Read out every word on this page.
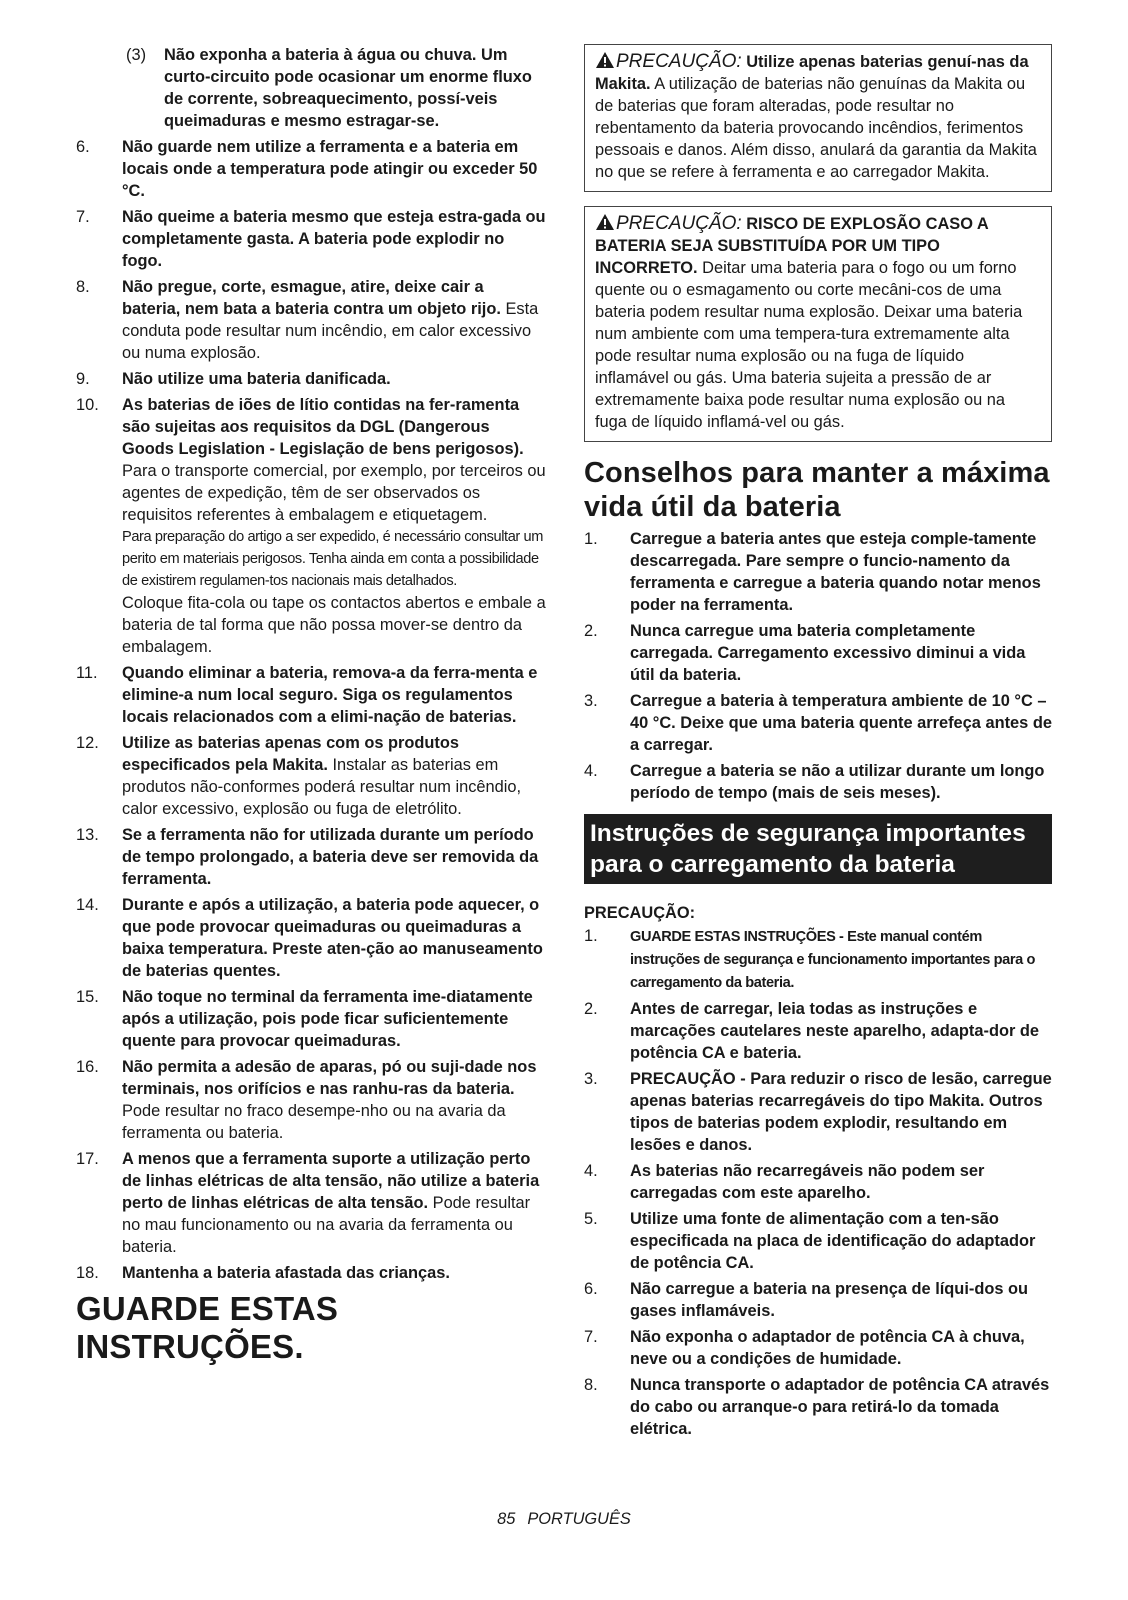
(3)	Não exponha a bateria à água ou chuva. Um curto-circuito pode ocasionar um enorme fluxo de corrente, sobreaquecimento, possí-veis queimaduras e mesmo estragar-se.
6. Não guarde nem utilize a ferramenta e a bateria em locais onde a temperatura pode atingir ou exceder 50 °C.
7. Não queime a bateria mesmo que esteja estra-gada ou completamente gasta. A bateria pode explodir no fogo.
8. Não pregue, corte, esmague, atire, deixe cair a bateria, nem bata a bateria contra um objeto rijo. Esta conduta pode resultar num incêndio, em calor excessivo ou numa explosão.
9. Não utilize uma bateria danificada.
10. As baterias de iões de lítio contidas na fer-ramenta são sujeitas aos requisitos da DGL (Dangerous Goods Legislation - Legislação de bens perigosos).
Para o transporte comercial, por exemplo, por terceiros ou agentes de expedição, têm de ser observados os requisitos referentes à embalagem e etiquetagem.
Para preparação do artigo a ser expedido, é necessário consultar um perito em materiais perigosos. Tenha ainda em conta a possibilidade de existirem regulamen-tos nacionais mais detalhados.
Coloque fita-cola ou tape os contactos abertos e embale a bateria de tal forma que não possa mover-se dentro da embalagem.
11. Quando eliminar a bateria, remova-a da ferra-menta e elimine-a num local seguro. Siga os regulamentos locais relacionados com a elimi-nação de baterias.
12. Utilize as baterias apenas com os produtos especificados pela Makita. Instalar as baterias em produtos não-conformes poderá resultar num incêndio, calor excessivo, explosão ou fuga de eletrólito.
13. Se a ferramenta não for utilizada durante um período de tempo prolongado, a bateria deve ser removida da ferramenta.
14. Durante e após a utilização, a bateria pode aquecer, o que pode provocar queimaduras ou queimaduras a baixa temperatura. Preste aten-ção ao manuseamento de baterias quentes.
15. Não toque no terminal da ferramenta ime-diatamente após a utilização, pois pode ficar suficientemente quente para provocar queimaduras.
16. Não permita a adesão de aparas, pó ou suji-dade nos terminais, nos orifícios e nas ranhu-ras da bateria. Pode resultar no fraco desempe-nho ou na avaria da ferramenta ou bateria.
17. A menos que a ferramenta suporte a utilização perto de linhas elétricas de alta tensão, não utilize a bateria perto de linhas elétricas de alta tensão. Pode resultar no mau funcionamento ou na avaria da ferramenta ou bateria.
18. Mantenha a bateria afastada das crianças.
GUARDE ESTAS INSTRUÇÕES.
PRECAUÇÃO: Utilize apenas baterias genuí-nas da Makita. A utilização de baterias não genuínas da Makita ou de baterias que foram alteradas, pode resultar no rebentamento da bateria provocando incêndios, ferimentos pessoais e danos. Além disso, anulará da garantia da Makita no que se refere à ferramenta e ao carregador Makita.
PRECAUÇÃO: RISCO DE EXPLOSÃO CASO A BATERIA SEJA SUBSTITUÍDA POR UM TIPO INCORRETO. Deitar uma bateria para o fogo ou um forno quente ou o esmagamento ou corte mecâni-cos de uma bateria podem resultar numa explosão. Deixar uma bateria num ambiente com uma tempera-tura extremamente alta pode resultar numa explosão ou na fuga de líquido inflamável ou gás. Uma bateria sujeita a pressão de ar extremamente baixa pode resultar numa explosão ou na fuga de líquido inflamá-vel ou gás.
Conselhos para manter a máxima vida útil da bateria
1. Carregue a bateria antes que esteja comple-tamente descarregada. Pare sempre o funcio-namento da ferramenta e carregue a bateria quando notar menos poder na ferramenta.
2. Nunca carregue uma bateria completamente carregada. Carregamento excessivo diminui a vida útil da bateria.
3. Carregue a bateria à temperatura ambiente de 10 °C – 40 °C. Deixe que uma bateria quente arrefeça antes de a carregar.
4. Carregue a bateria se não a utilizar durante um longo período de tempo (mais de seis meses).
Instruções de segurança importantes para o carregamento da bateria
PRECAUÇÃO:
1. GUARDE ESTAS INSTRUÇÕES - Este manual contém instruções de segurança e funcionamento importantes para o carregamento da bateria.
2. Antes de carregar, leia todas as instruções e marcações cautelares neste aparelho, adapta-dor de potência CA e bateria.
3. PRECAUÇÃO - Para reduzir o risco de lesão, carregue apenas baterias recarregáveis do tipo Makita. Outros tipos de baterias podem explodir, resultando em lesões e danos.
4. As baterias não recarregáveis não podem ser carregadas com este aparelho.
5. Utilize uma fonte de alimentação com a ten-são especificada na placa de identificação do adaptador de potência CA.
6. Não carregue a bateria na presença de líqui-dos ou gases inflamáveis.
7. Não exponha o adaptador de potência CA à chuva, neve ou a condições de humidade.
8. Nunca transporte o adaptador de potência CA através do cabo ou arranque-o para retirá-lo da tomada elétrica.
85 PORTUGUÊS
